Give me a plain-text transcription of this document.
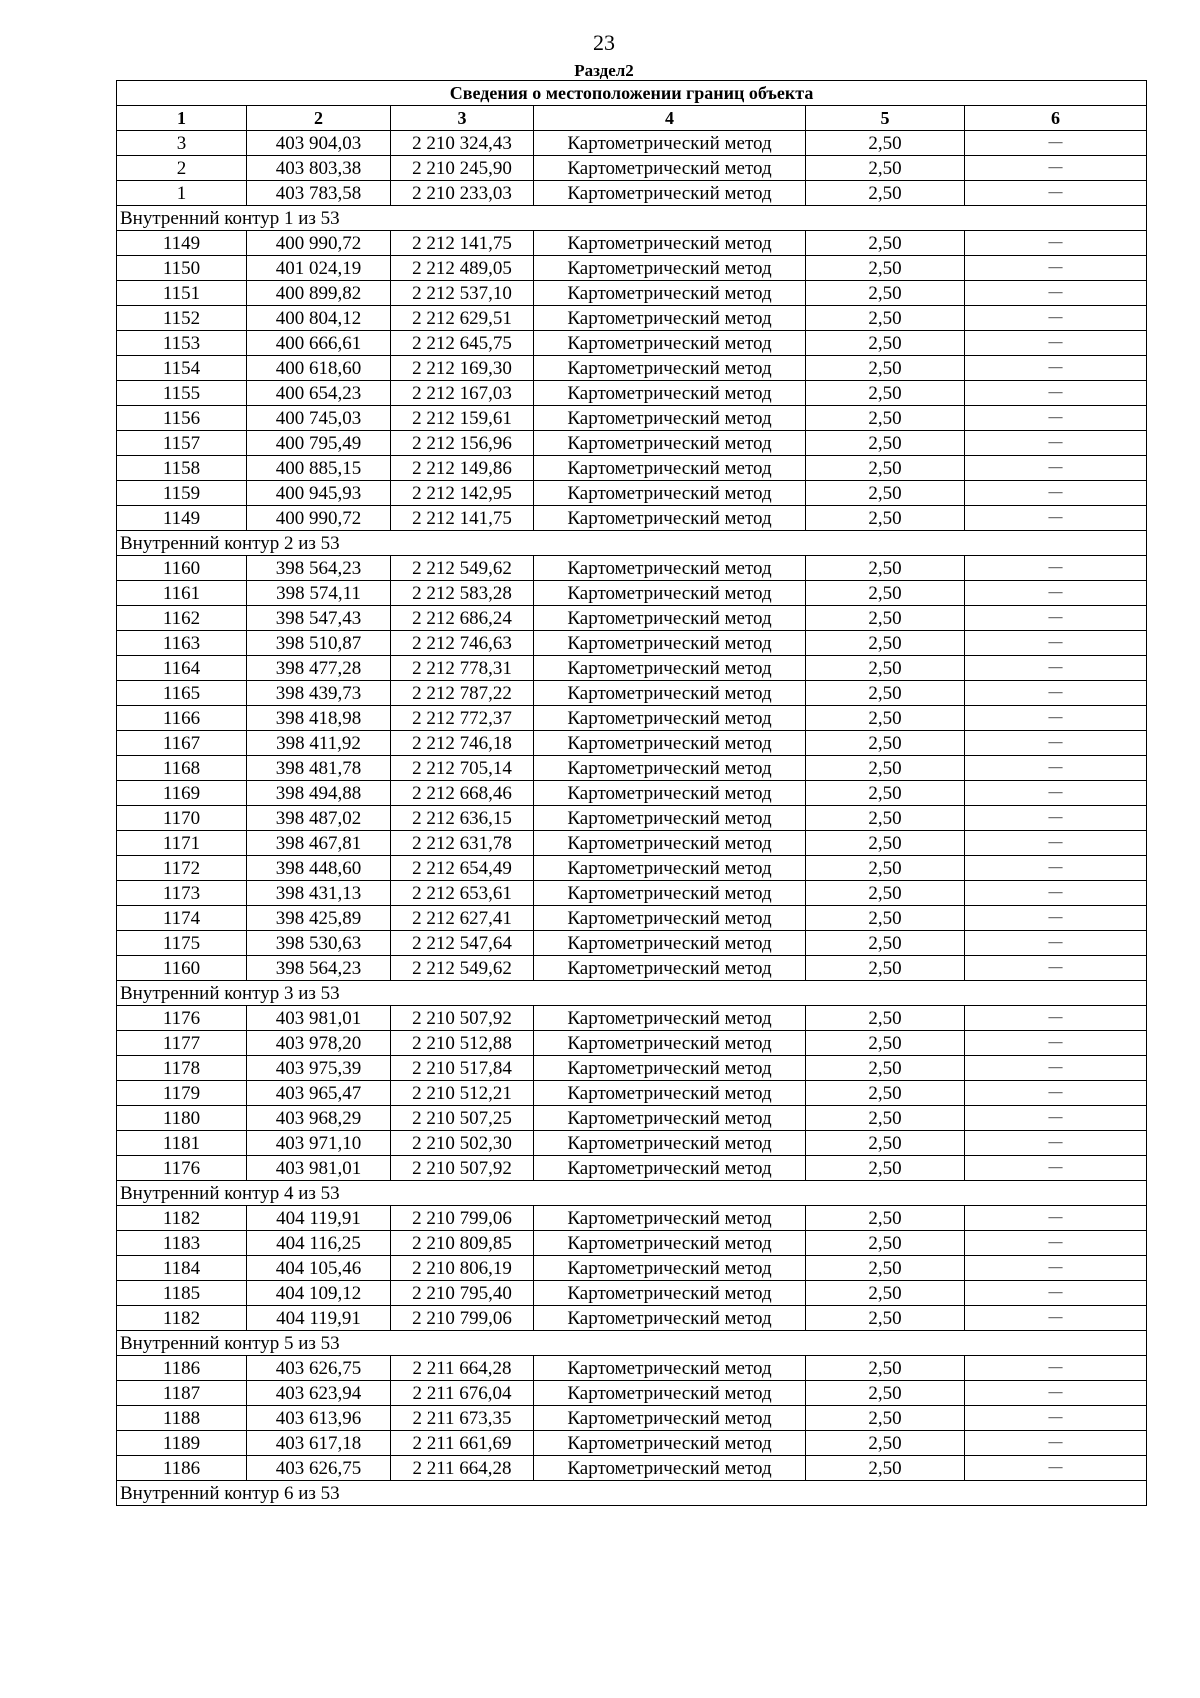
23
Раздел2
Сведения о местоположении границ объекта					
1	2	3	4	5	6
3	403 904,03	2 210 324,43	Картометрический метод	2,50	—
2	403 803,38	2 210 245,90	Картометрический метод	2,50	—
1	403 783,58	2 210 233,03	Картометрический метод	2,50	—
Внутренний контур 1 из 53					
1149	400 990,72	2 212 141,75	Картометрический метод	2,50	—
1150	401 024,19	2 212 489,05	Картометрический метод	2,50	—
1151	400 899,82	2 212 537,10	Картометрический метод	2,50	—
1152	400 804,12	2 212 629,51	Картометрический метод	2,50	—
1153	400 666,61	2 212 645,75	Картометрический метод	2,50	—
1154	400 618,60	2 212 169,30	Картометрический метод	2,50	—
1155	400 654,23	2 212 167,03	Картометрический метод	2,50	—
1156	400 745,03	2 212 159,61	Картометрический метод	2,50	—
1157	400 795,49	2 212 156,96	Картометрический метод	2,50	—
1158	400 885,15	2 212 149,86	Картометрический метод	2,50	—
1159	400 945,93	2 212 142,95	Картометрический метод	2,50	—
1149	400 990,72	2 212 141,75	Картометрический метод	2,50	—
Внутренний контур 2 из 53					
1160	398 564,23	2 212 549,62	Картометрический метод	2,50	—
1161	398 574,11	2 212 583,28	Картометрический метод	2,50	—
1162	398 547,43	2 212 686,24	Картометрический метод	2,50	—
1163	398 510,87	2 212 746,63	Картометрический метод	2,50	—
1164	398 477,28	2 212 778,31	Картометрический метод	2,50	—
1165	398 439,73	2 212 787,22	Картометрический метод	2,50	—
1166	398 418,98	2 212 772,37	Картометрический метод	2,50	—
1167	398 411,92	2 212 746,18	Картометрический метод	2,50	—
1168	398 481,78	2 212 705,14	Картометрический метод	2,50	—
1169	398 494,88	2 212 668,46	Картометрический метод	2,50	—
1170	398 487,02	2 212 636,15	Картометрический метод	2,50	—
1171	398 467,81	2 212 631,78	Картометрический метод	2,50	—
1172	398 448,60	2 212 654,49	Картометрический метод	2,50	—
1173	398 431,13	2 212 653,61	Картометрический метод	2,50	—
1174	398 425,89	2 212 627,41	Картометрический метод	2,50	—
1175	398 530,63	2 212 547,64	Картометрический метод	2,50	—
1160	398 564,23	2 212 549,62	Картометрический метод	2,50	—
Внутренний контур 3 из 53					
1176	403 981,01	2 210 507,92	Картометрический метод	2,50	—
1177	403 978,20	2 210 512,88	Картометрический метод	2,50	—
1178	403 975,39	2 210 517,84	Картометрический метод	2,50	—
1179	403 965,47	2 210 512,21	Картометрический метод	2,50	—
1180	403 968,29	2 210 507,25	Картометрический метод	2,50	—
1181	403 971,10	2 210 502,30	Картометрический метод	2,50	—
1176	403 981,01	2 210 507,92	Картометрический метод	2,50	—
Внутренний контур 4 из 53					
1182	404 119,91	2 210 799,06	Картометрический метод	2,50	—
1183	404 116,25	2 210 809,85	Картометрический метод	2,50	—
1184	404 105,46	2 210 806,19	Картометрический метод	2,50	—
1185	404 109,12	2 210 795,40	Картометрический метод	2,50	—
1182	404 119,91	2 210 799,06	Картометрический метод	2,50	—
Внутренний контур 5 из 53					
1186	403 626,75	2 211 664,28	Картометрический метод	2,50	—
1187	403 623,94	2 211 676,04	Картометрический метод	2,50	—
1188	403 613,96	2 211 673,35	Картометрический метод	2,50	—
1189	403 617,18	2 211 661,69	Картометрический метод	2,50	—
1186	403 626,75	2 211 664,28	Картометрический метод	2,50	—
Внутренний контур 6 из 53					
